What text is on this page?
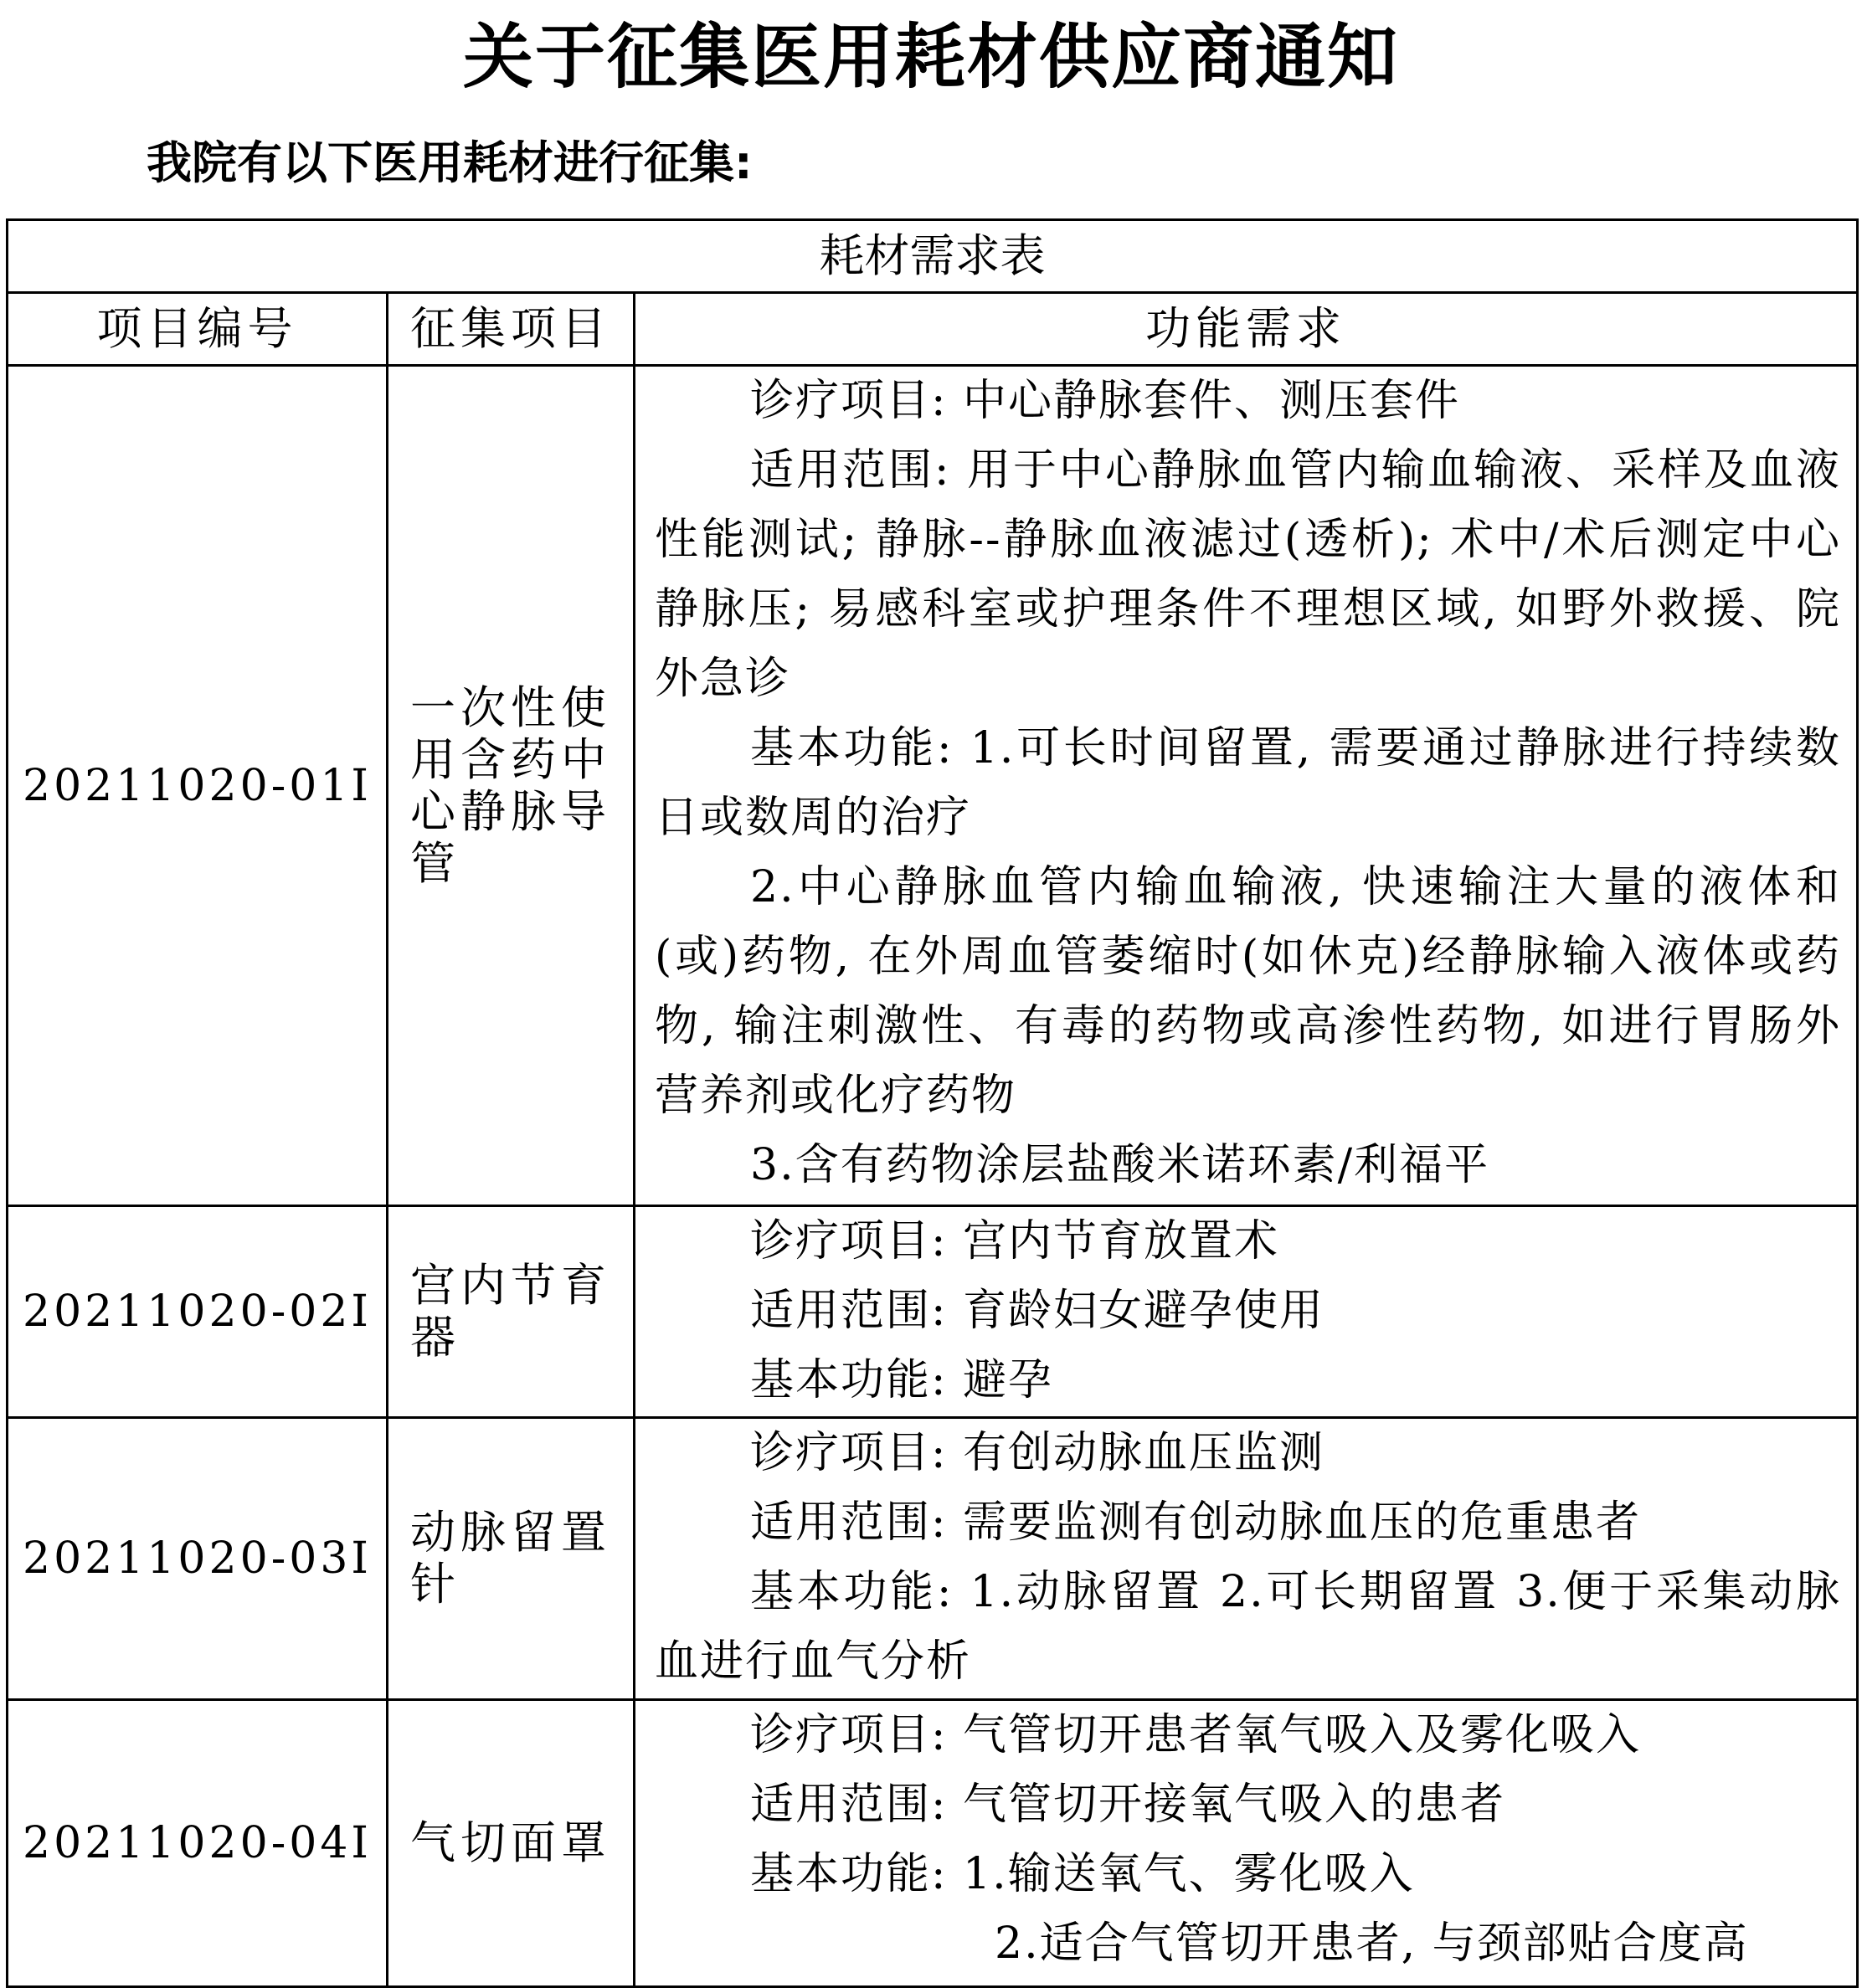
关于征集医用耗材供应商通知
我院有以下医用耗材进行征集:
耗材需求表		
项目编号	征集项目	功能需求
20211020-01Ⅰ	一次性使用含药中心静脉导管	诊疗项目: 中心静脉套件、测压套件

适用范围: 用于中心静脉血管内输血输液、采样及血液性能测试; 静脉--静脉血液滤过(透析); 术中/术后测定中心静脉压; 易感科室或护理条件不理想区域, 如野外救援、院外急诊

基本功能: 1.可长时间留置, 需要通过静脉进行持续数日或数周的治疗

2.中心静脉血管内输血输液, 快速输注大量的液体和(或)药物, 在外周血管萎缩时(如休克)经静脉输入液体或药物, 输注刺激性、有毒的药物或高渗性药物, 如进行胃肠外营养剂或化疗药物

3.含有药物涂层盐酸米诺环素/利福平

20211020-02Ⅰ	宫内节育器	诊疗项目: 宫内节育放置术

适用范围: 育龄妇女避孕使用

基本功能: 避孕

20211020-03Ⅰ	动脉留置针	诊疗项目: 有创动脉血压监测

适用范围: 需要监测有创动脉血压的危重患者

基本功能: 1.动脉留置 2.可长期留置 3.便于采集动脉血进行血气分析

20211020-04Ⅰ	气切面罩	诊疗项目: 气管切开患者氧气吸入及雾化吸入

适用范围: 气管切开接氧气吸入的患者

基本功能: 1.输送氧气、雾化吸入

2.适合气管切开患者, 与颈部贴合度高
